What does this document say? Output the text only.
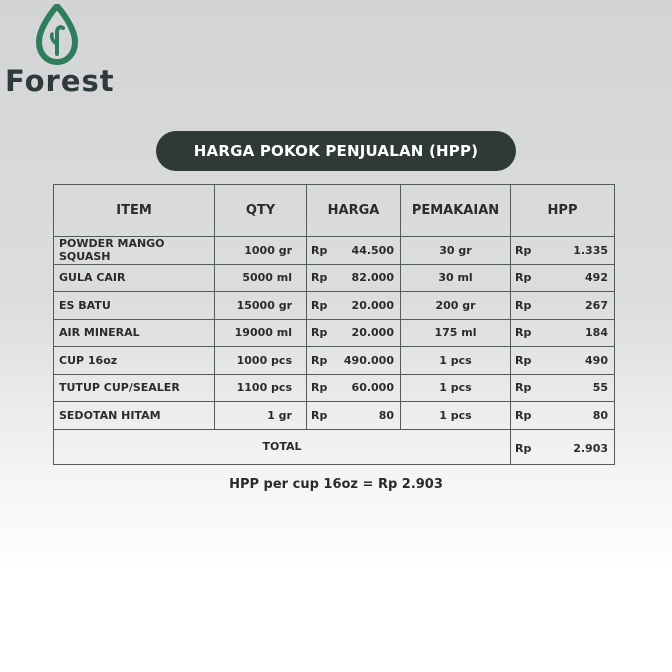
Forest
HARGA POKOK PENJUALAN (HPP)
ITEM	QTY	HARGA	PEMAKAIAN	HPP
POWDER MANGO SQUASH	1000 gr	Rp 44.500	30 gr	Rp 1.335

GULA CAIR	5000 ml	Rp 82.000	30 ml	Rp 492

ES BATU	15000 gr	Rp 20.000	200 gr	Rp 267

AIR MINERAL	19000 ml	Rp 20.000	175 ml	Rp 184

CUP 16oz	1000 pcs	Rp 490.000	1 pcs	Rp 490

TUTUP CUP/SEALER	1100 pcs	Rp 60.000	1 pcs	Rp 55

SEDOTAN HITAM	1 gr	Rp 80	1 pcs	Rp 80

TOTAL				Rp 2.903
HPP per cup 16oz = Rp 2.903
